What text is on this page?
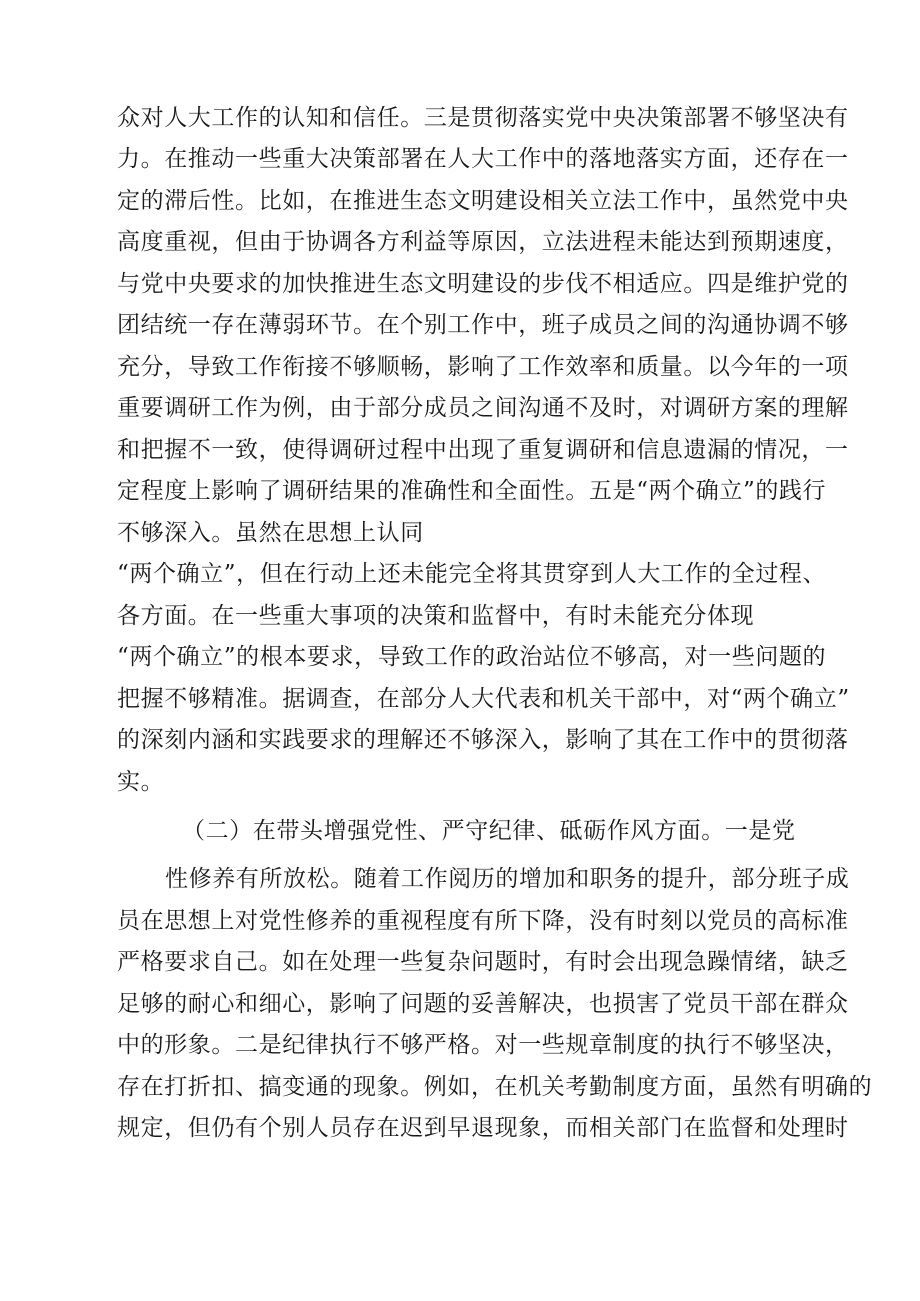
众对人大工作的认知和信任。三是贯彻落实党中央决策部署不够坚决有
力。在推动一些重大决策部署在人大工作中的落地落实方面，还存在一
定的滞后性。比如，在推进生态文明建设相关立法工作中，虽然党中央
高度重视，但由于协调各方利益等原因，立法进程未能达到预期速度，
与党中央要求的加快推进生态文明建设的步伐不相适应。四是维护党的
团结统一存在薄弱环节。在个别工作中，班子成员之间的沟通协调不够
充分，导致工作衔接不够顺畅，影响了工作效率和质量。以今年的一项
重要调研工作为例，由于部分成员之间沟通不及时，对调研方案的理解
和把握不一致，使得调研过程中出现了重复调研和信息遗漏的情况，一
定程度上影响了调研结果的准确性和全面性。五是“两个确立”的践行
不够深入。虽然在思想上认同
“两个确立”，但在行动上还未能完全将其贯穿到人大工作的全过程、
各方面。在一些重大事项的决策和监督中，有时未能充分体现
“两个确立”的根本要求，导致工作的政治站位不够高，对一些问题的
把握不够精准。据调查，在部分人大代表和机关干部中，对“两个确立”
的深刻内涵和实践要求的理解还不够深入，影响了其在工作中的贯彻落
实。
（二）在带头增强党性、严守纪律、砥砺作风方面。一是党
性修养有所放松。随着工作阅历的增加和职务的提升，部分班子成
员在思想上对党性修养的重视程度有所下降，没有时刻以党员的高标准
严格要求自己。如在处理一些复杂问题时，有时会出现急躁情绪，缺乏
足够的耐心和细心，影响了问题的妥善解决，也损害了党员干部在群众
中的形象。二是纪律执行不够严格。对一些规章制度的执行不够坚决，
存在打折扣、搞变通的现象。例如，在机关考勤制度方面，虽然有明确的
规定，但仍有个别人员存在迟到早退现象，而相关部门在监督和处理时
